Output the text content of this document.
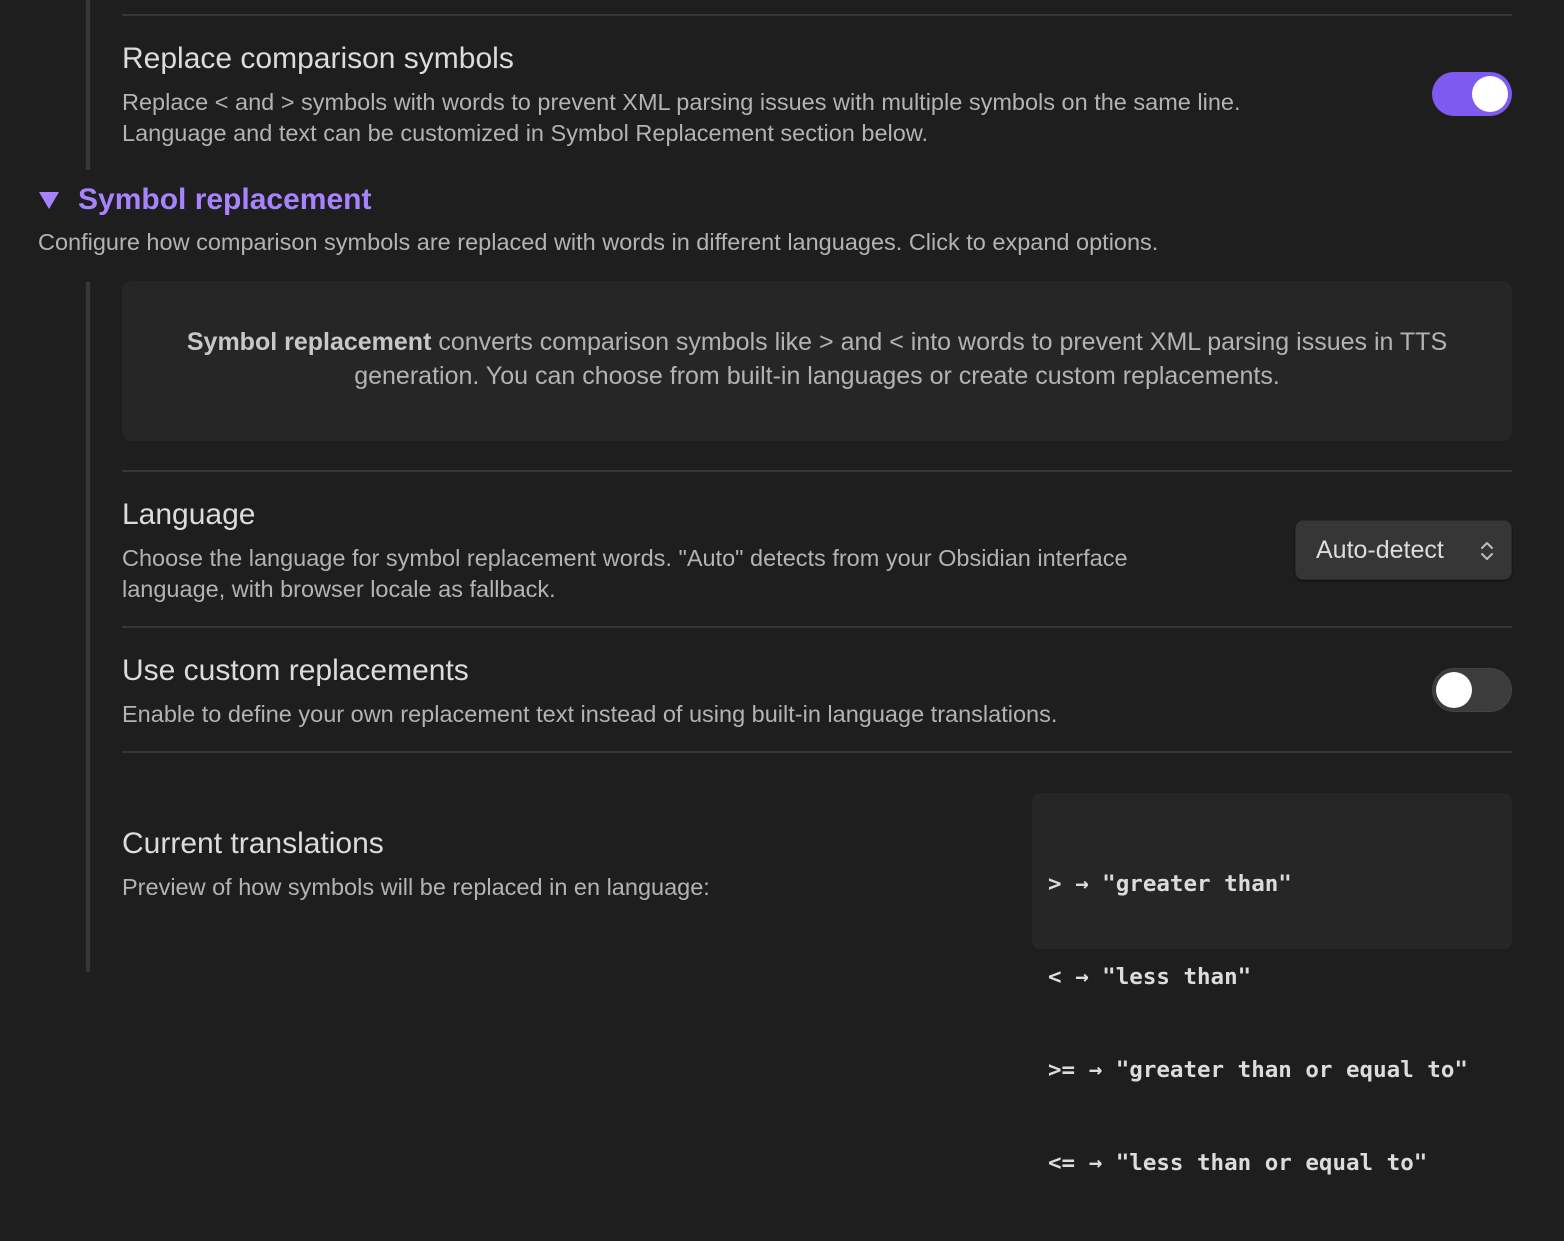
Replace comparison symbols
Replace < and > symbols with words to prevent XML parsing issues with multiple symbols on the same line.
Language and text can be customized in Symbol Replacement section below.
Symbol replacement
Configure how comparison symbols are replaced with words in different languages. Click to expand options.
Symbol replacement converts comparison symbols like > and < into words to prevent XML parsing issues in TTS generation. You can choose from built-in languages or create custom replacements.
Language
Choose the language for symbol replacement words. "Auto" detects from your Obsidian interface
language, with browser locale as fallback.
Auto-detect
Use custom replacements
Enable to define your own replacement text instead of using built-in language translations.
Current translations
Preview of how symbols will be replaced in en language:

	> → "greater than"

< → "less than"

>= → "greater than or equal to"

<= → "less than or equal to"
